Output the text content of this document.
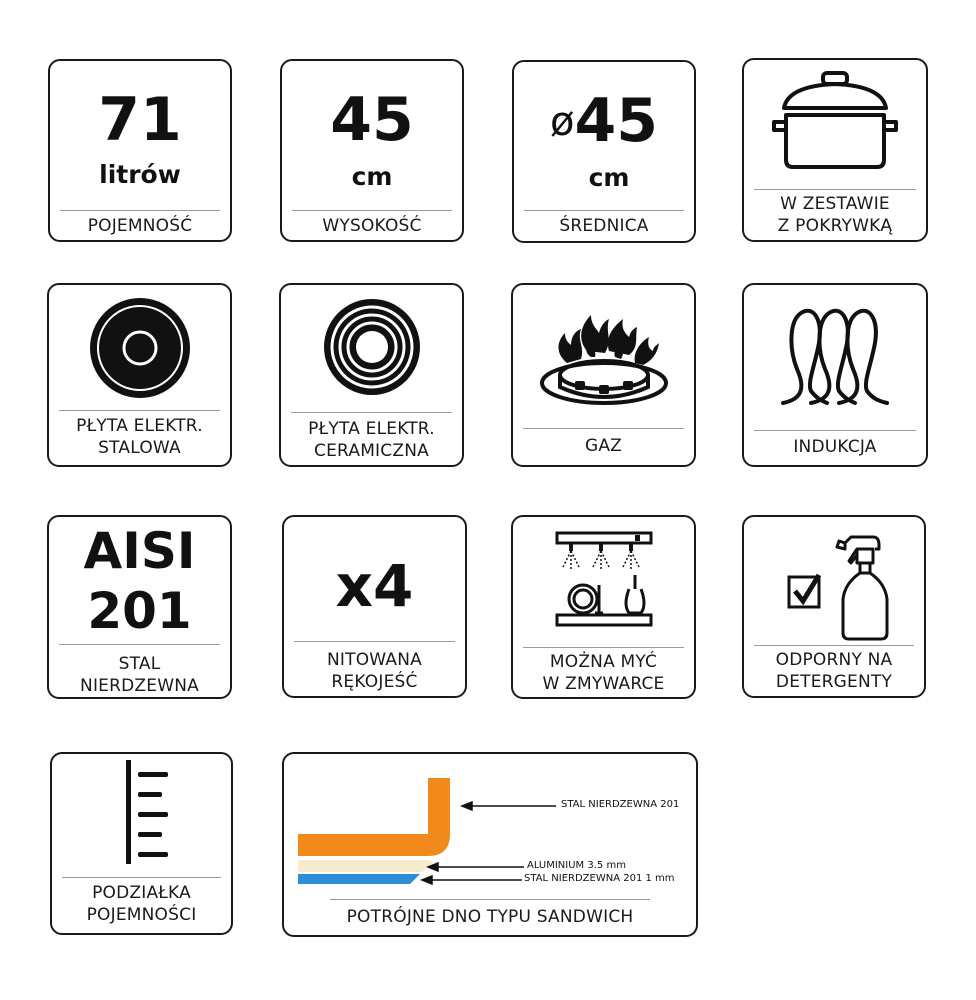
71
litrów
POJEMNOŚĆ
45
cm
WYSOKOŚĆ
ø45
cm
ŚREDNICA
W ZESTAWIE
Z POKRYWKĄ
PŁYTA ELEKTR.
STALOWA
PŁYTA ELEKTR.
CERAMICZNA	GAZ	INDUKCJA
AISI
201
STAL
NIERDZEWNA
x4
NITOWANA
RĘKOJEŚĆ
MOŻNA MYĆ
W ZMYWARCE
ODPORNY NA
DETERGENTY
PODZIAŁKA
POJEMNOŚCI
STAL NIERDZEWNA 201
ALUMINIUM 3.5 mm
STAL NIERDZEWNA 201 1 mm
POTRÓJNE DNO TYPU SANDWICH
